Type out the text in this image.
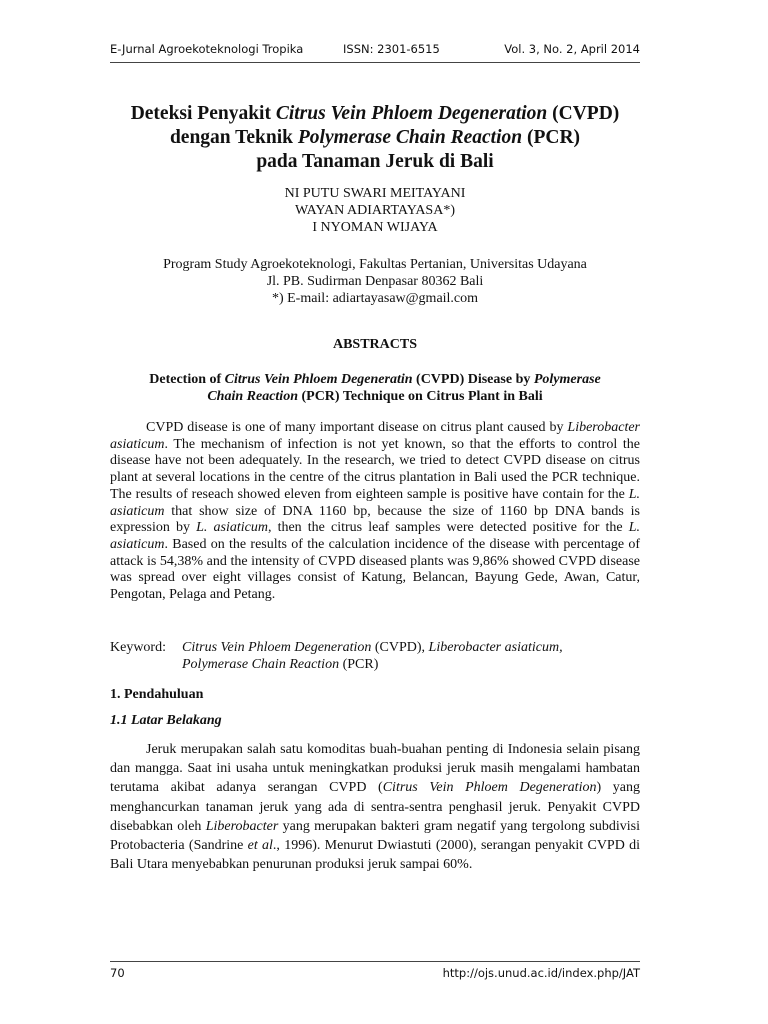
E-Jurnal Agroekoteknologi Tropika	ISSN: 2301-6515	Vol. 3, No. 2, April 2014
Deteksi Penyakit Citrus Vein Phloem Degeneration (CVPD)
dengan Teknik Polymerase Chain Reaction (PCR)
pada Tanaman Jeruk di Bali
NI PUTU SWARI MEITAYANI
WAYAN ADIARTAYASA*)
I NYOMAN WIJAYA
Program Study Agroekoteknologi, Fakultas Pertanian, Universitas Udayana
Jl. PB. Sudirman Denpasar 80362 Bali
*) E-mail: adiartayasaw@gmail.com
ABSTRACTS
Detection of Citrus Vein Phloem Degeneratin (CVPD) Disease by Polymerase
Chain Reaction (PCR) Technique on Citrus Plant in Bali

CVPD disease is one of many important disease on citrus plant caused by Liberobacter asiaticum. The mechanism of infection is not yet known, so that the efforts to control the disease have not been adequately. In the research, we tried to detect CVPD disease on citrus plant at several locations in the centre of the citrus plantation in Bali used the PCR technique. The results of reseach showed eleven from eighteen sample is positive have contain for the L. asiaticum that show size of DNA 1160 bp, because the size of 1160 bp DNA bands is expression by L. asiaticum, then the citrus leaf samples were detected positive for the L. asiaticum. Based on the results of the calculation incidence of the disease with percentage of attack is 54,38% and the intensity of CVPD diseased plants was 9,86% showed CVPD disease was spread over eight villages consist of Katung, Belancan, Bayung Gede, Awan, Catur, Pengotan, Pelaga and Petang.

Keyword: Citrus Vein Phloem Degeneration (CVPD), Liberobacter asiaticum,
Polymerase Chain Reaction (PCR)
1. Pendahuluan
1.1 Latar Belakang

Jeruk merupakan salah satu komoditas buah-buahan penting di Indonesia selain pisang dan mangga. Saat ini usaha untuk meningkatkan produksi jeruk masih mengalami hambatan terutama akibat adanya serangan CVPD (Citrus Vein Phloem Degeneration) yang menghancurkan tanaman jeruk yang ada di sentra-sentra penghasil jeruk. Penyakit CVPD disebabkan oleh Liberobacter yang merupakan bakteri gram negatif yang tergolong subdivisi Protobacteria (Sandrine et al., 1996). Menurut Dwiastuti (2000), serangan penyakit CVPD di Bali Utara menyebabkan penurunan produksi jeruk sampai 60%.

70	http://ojs.unud.ac.id/index.php/JAT
